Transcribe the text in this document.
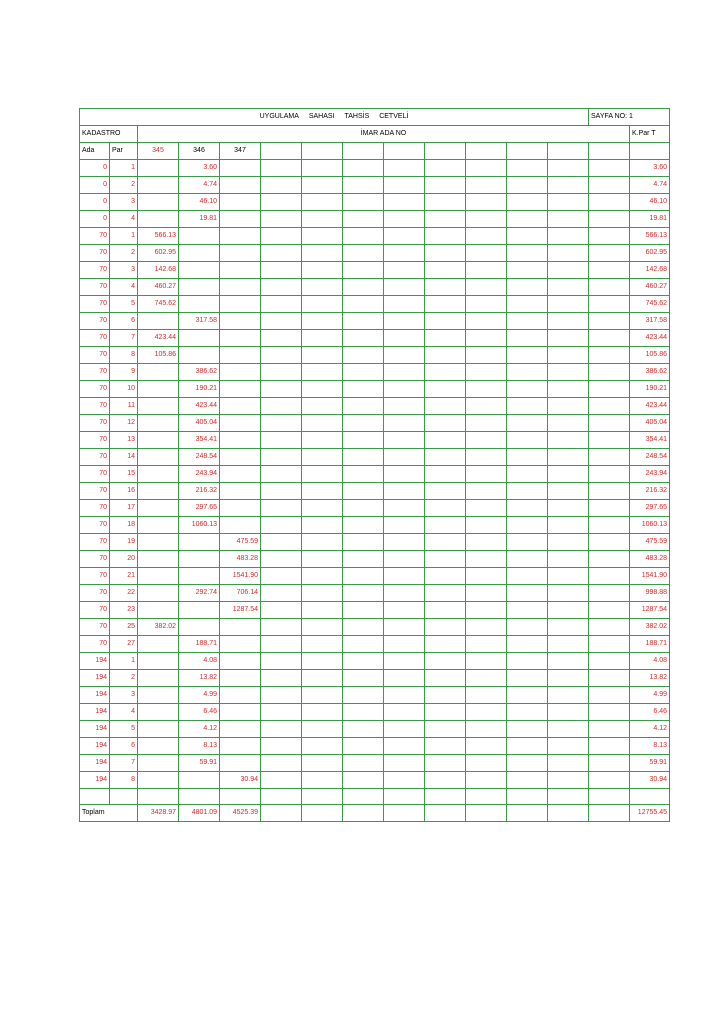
UYGULAMA SAHASI TAHSİS CETVELİ													SAYFA NO: 1	
KADASTRO		İMAR ADA NO												K.Par T
Ada	Par	345	346	347										
0	1		3.60											3.60
0	2		4.74											4.74
0	3		46.10											46.10
0	4		19.81											19.81
70	1	566.13												566.13
70	2	602.95												602.95
70	3	142.68												142.68
70	4	460.27												460.27
70	5	745.62												745.62
70	6		317.58											317.58
70	7	423.44												423.44
70	8	105.86												105.86
70	9		386.62											386.62
70	10		190.21											190.21
70	11		423.44											423.44
70	12		405.04											405.04
70	13		354.41											354.41
70	14		248.54											248.54
70	15		243.94											243.94
70	16		216.32											216.32
70	17		297.65											297.65
70	18		1060.13											1060.13
70	19			475.59										475.59
70	20			483.28										483.28
70	21			1541.90										1541.90
70	22		292.74	706.14										998.88
70	23			1287.54										1287.54
70	25	382.02												382.02
70	27		188.71											188.71
194	1		4.08											4.08
194	2		13.82											13.82
194	3		4.99											4.99
194	4		6.46											6.46
194	5		4.12											4.12
194	6		8.13											8.13
194	7		59.91											59.91
194	8			30.94										30.94

Toplam		3428.97	4801.09	4525.39										12755.45
